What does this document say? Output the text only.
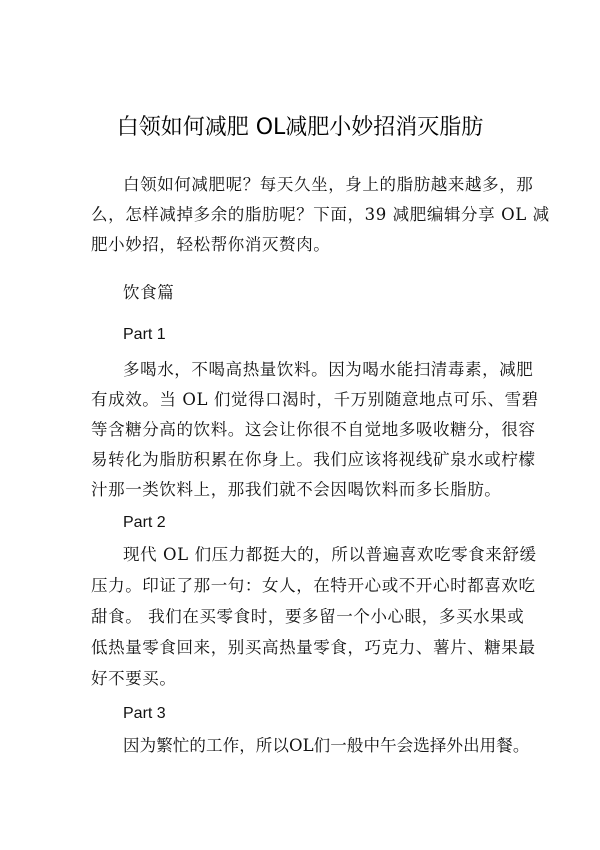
白领如何减肥 OL减肥小妙招消灭脂肪
白领如何减肥呢？每天久坐，身上的脂肪越来越多，那
么，怎样减掉多余的脂肪呢？下面，39 减肥编辑分享 OL 减
肥小妙招，轻松帮你消灭赘肉。
饮食篇
Part 1
多喝水，不喝高热量饮料。因为喝水能扫清毒素，减肥
有成效。当 OL 们觉得口渴时，千万别随意地点可乐、雪碧
等含糖分高的饮料。这会让你很不自觉地多吸收糖分，很容
易转化为脂肪积累在你身上。我们应该将视线矿泉水或柠檬
汁那一类饮料上，那我们就不会因喝饮料而多长脂肪。
Part 2
现代 OL 们压力都挺大的，所以普遍喜欢吃零食来舒缓
压力。印证了那一句：女人，在特开心或不开心时都喜欢吃
甜食。 我们在买零食时，要多留一个小心眼，多买水果或
低热量零食回来，别买高热量零食，巧克力、薯片、糖果最
好不要买。
Part 3
因为繁忙的工作，所以OL们一般中午会选择外出用餐。
